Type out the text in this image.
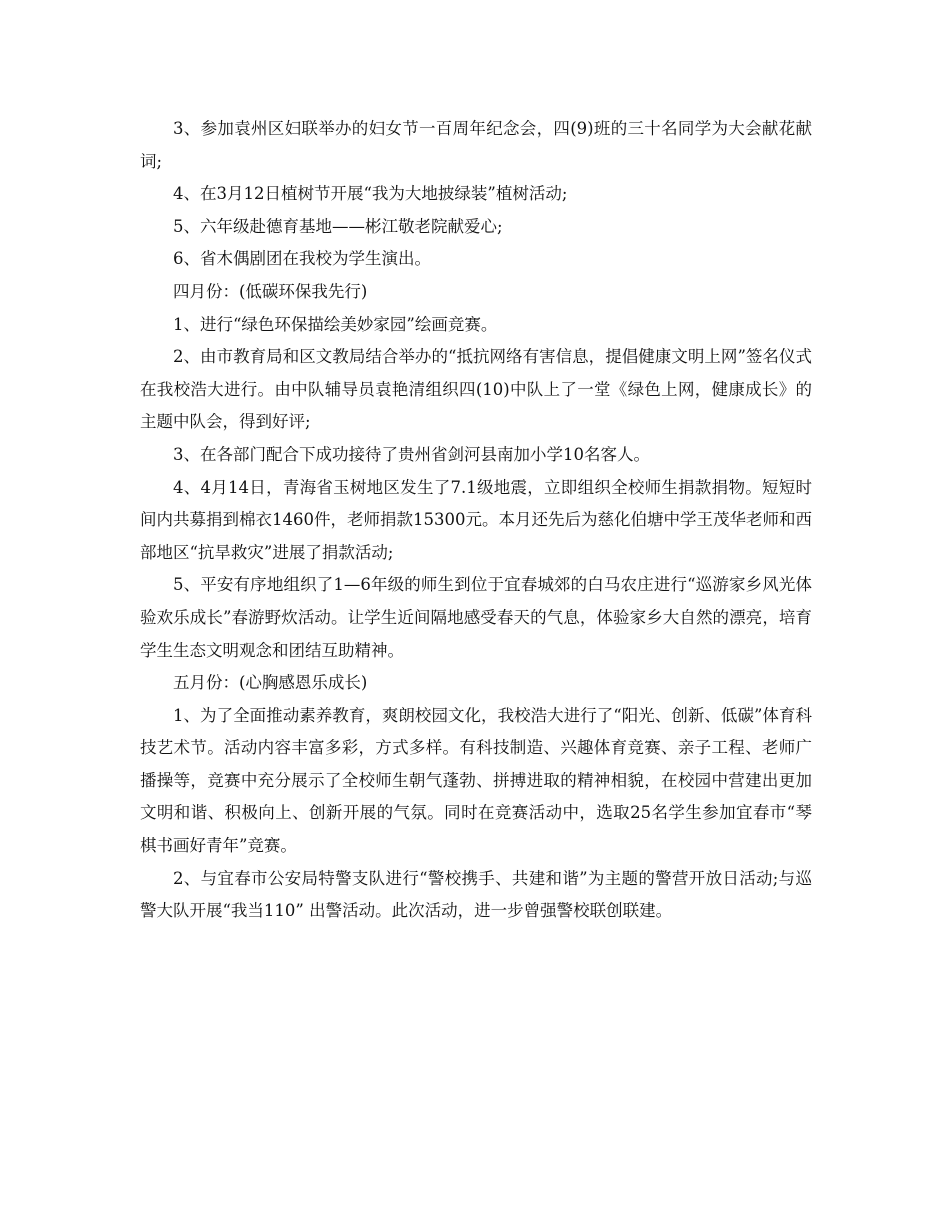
3、参加袁州区妇联举办的妇女节一百周年纪念会，四(9)班的三十名同学为大会献花献词;

4、在3月12日植树节开展“我为大地披绿装”植树活动;

5、六年级赴德育基地——彬江敬老院献爱心;

6、省木偶剧团在我校为学生演出。

四月份：(低碳环保我先行)

1、进行“绿色环保描绘美妙家园”绘画竞赛。

2、由市教育局和区文教局结合举办的“抵抗网络有害信息，提倡健康文明上网”签名仪式在我校浩大进行。由中队辅导员袁艳清组织四(10)中队上了一堂《绿色上网，健康成长》的主题中队会，得到好评;

3、在各部门配合下成功接待了贵州省剑河县南加小学10名客人。

4、4月14日，青海省玉树地区发生了7.1级地震，立即组织全校师生捐款捐物。短短时间内共募捐到棉衣1460件，老师捐款15300元。本月还先后为慈化伯塘中学王茂华老师和西部地区“抗旱救灾”进展了捐款活动;

5、平安有序地组织了1—6年级的师生到位于宜春城郊的白马农庄进行“巡游家乡风光体验欢乐成长”春游野炊活动。让学生近间隔地感受春天的气息，体验家乡大自然的漂亮，培育学生生态文明观念和团结互助精神。

五月份：(心胸感恩乐成长)

1、为了全面推动素养教育，爽朗校园文化，我校浩大进行了“阳光、创新、低碳”体育科技艺术节。活动内容丰富多彩，方式多样。有科技制造、兴趣体育竞赛、亲子工程、老师广播操等，竞赛中充分展示了全校师生朝气蓬勃、拼搏进取的精神相貌，在校园中营建出更加文明和谐、积极向上、创新开展的气氛。同时在竞赛活动中，选取25名学生参加宜春市“琴棋书画好青年”竞赛。

2、与宜春市公安局特警支队进行“警校携手、共建和谐”为主题的警营开放日活动;与巡警大队开展“我当110” 出警活动。此次活动，进一步曾强警校联创联建。
